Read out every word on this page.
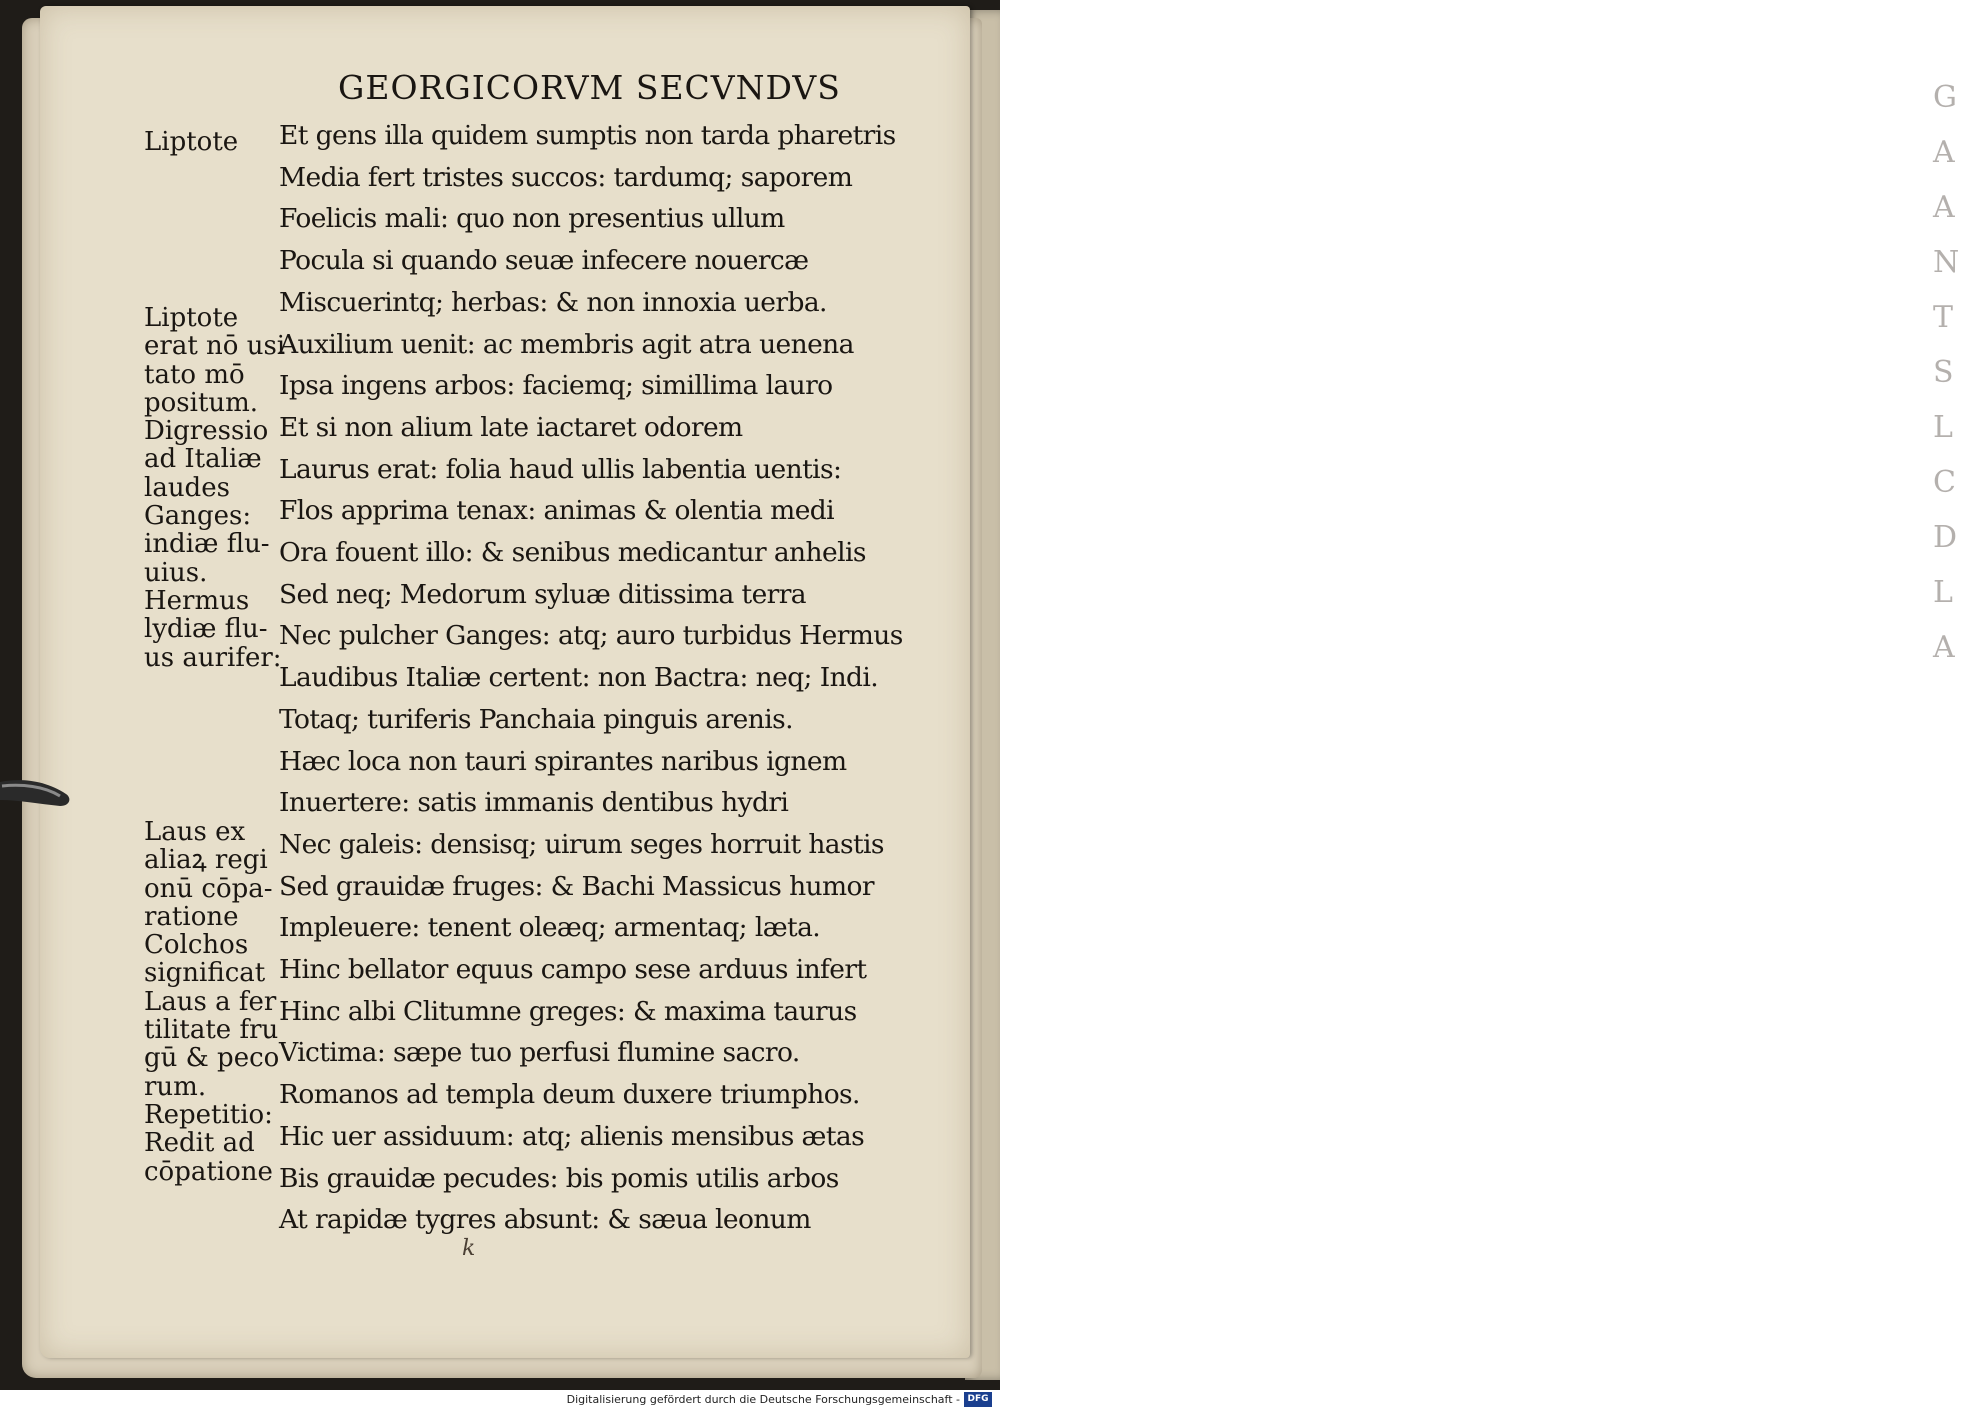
G
A
A
N
T
S
L
C
D
L
A
GEORGICORVM SECVNDVS
Liptote
Liptote
erat nō usi
tato mō
positum.
Digressio
ad Italiæ
laudes
Ganges:
indiæ flu-
uius.
Hermus
lydiæ flu-
us aurifer:
Laus ex
aliaꝝ regi
onū cōpa-
ratione
Colchos
significat
Laus a fer
tilitate fru
gū & peco
rum.
Repetitio:
Redit ad
cōpatione
Et gens illa quidem sumptis non tarda pharetris
Media fert tristes succos: tardumq; saporem
Foelicis mali: quo non presentius ullum
Pocula si quando seuæ infecere nouercæ
Miscuerintq; herbas: & non innoxia uerba.
Auxilium uenit: ac membris agit atra uenena
Ipsa ingens arbos: faciemq; simillima lauro
Et si non alium late iactaret odorem
Laurus erat: folia haud ullis labentia uentis:
Flos apprima tenax: animas & olentia medi
Ora fouent illo: & senibus medicantur anhelis
Sed neq; Medorum syluæ ditissima terra
Nec pulcher Ganges: atq; auro turbidus Hermus
Laudibus Italiæ certent: non Bactra: neq; Indi.
Totaq; turiferis Panchaia pinguis arenis.
Hæc loca non tauri spirantes naribus ignem
Inuertere: satis immanis dentibus hydri
Nec galeis: densisq; uirum seges horruit hastis
Sed grauidæ fruges: & Bachi Massicus humor
Impleuere: tenent oleæq; armentaq; læta.
Hinc bellator equus campo sese arduus infert
Hinc albi Clitumne greges: & maxima taurus
Victima: sæpe tuo perfusi flumine sacro.
Romanos ad templa deum duxere triumphos.
Hic uer assiduum: atq; alienis mensibus ætas
Bis grauidæ pecudes: bis pomis utilis arbos
At rapidæ tygres absunt: & sæua leonum
k
Digitalisierung gefördert durch die Deutsche Forschungsgemeinschaft - DFG
